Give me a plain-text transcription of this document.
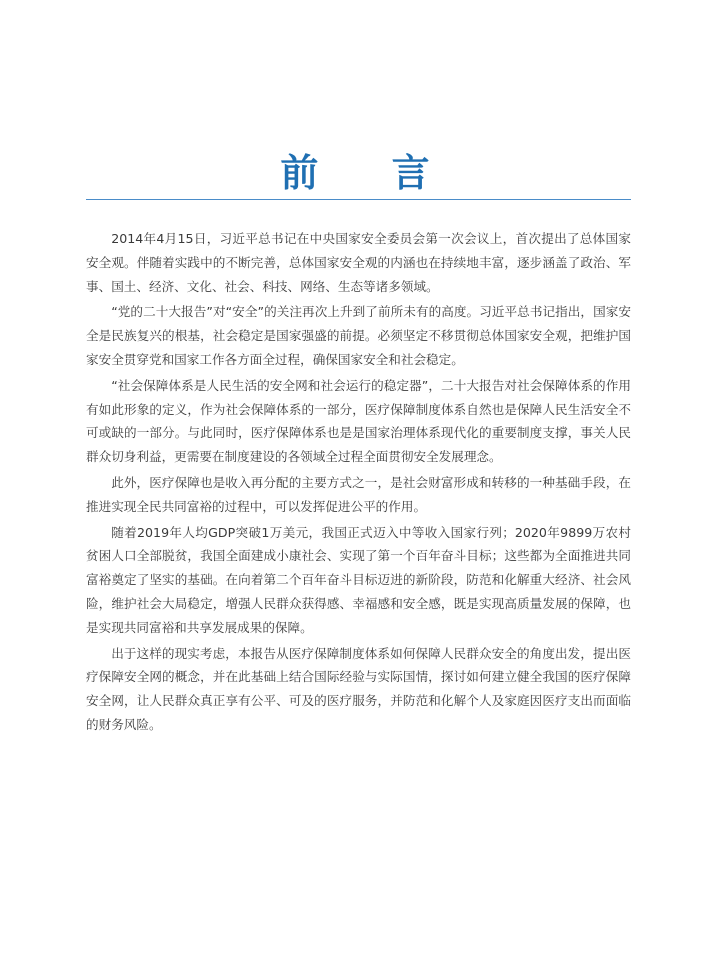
前 言

2014年4月15日，习近平总书记在中央国家安全委员会第一次会议上，首次提出了总体国家安全观。伴随着实践中的不断完善，总体国家安全观的内涵也在持续地丰富，逐步涵盖了政治、军事、国土、经济、文化、社会、科技、网络、生态等诸多领域。

“党的二十大报告”对“安全”的关注再次上升到了前所未有的高度。习近平总书记指出，国家安全是民族复兴的根基，社会稳定是国家强盛的前提。必须坚定不移贯彻总体国家安全观，把维护国家安全贯穿党和国家工作各方面全过程，确保国家安全和社会稳定。

“社会保障体系是人民生活的安全网和社会运行的稳定器”，二十大报告对社会保障体系的作用有如此形象的定义，作为社会保障体系的一部分，医疗保障制度体系自然也是保障人民生活安全不可或缺的一部分。与此同时，医疗保障体系也是是国家治理体系现代化的重要制度支撑，事关人民群众切身利益，更需要在制度建设的各领域全过程全面贯彻安全发展理念。

此外，医疗保障也是收入再分配的主要方式之一，是社会财富形成和转移的一种基础手段，在推进实现全民共同富裕的过程中，可以发挥促进公平的作用。

随着2019年人均GDP突破1万美元，我国正式迈入中等收入国家行列；2020年9899万农村贫困人口全部脱贫，我国全面建成小康社会、实现了第一个百年奋斗目标；这些都为全面推进共同富裕奠定了坚实的基础。在向着第二个百年奋斗目标迈进的新阶段，防范和化解重大经济、社会风险，维护社会大局稳定，增强人民群众获得感、幸福感和安全感，既是实现高质量发展的保障，也是实现共同富裕和共享发展成果的保障。

出于这样的现实考虑，本报告从医疗保障制度体系如何保障人民群众安全的角度出发，提出医疗保障安全网的概念，并在此基础上结合国际经验与实际国情，探讨如何建立健全我国的医疗保障安全网，让人民群众真正享有公平、可及的医疗服务，并防范和化解个人及家庭因医疗支出而面临的财务风险。
